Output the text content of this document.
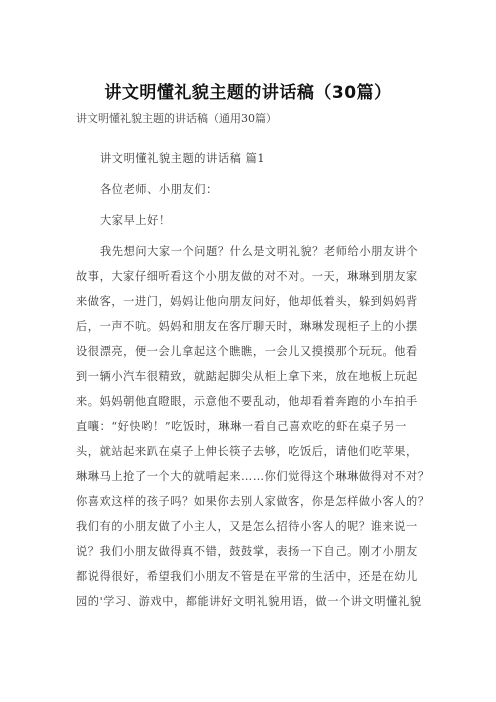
讲文明懂礼貌主题的讲话稿（30篇）
讲文明懂礼貌主题的讲话稿（通用30篇）
讲文明懂礼貌主题的讲话稿 篇1
各位老师、小朋友们：
大家早上好！
我先想问大家一个问题？什么是文明礼貌？老师给小朋友讲个
故事，大家仔细听看这个小朋友做的对不对。一天，琳琳到朋友家
来做客，一进门，妈妈让他向朋友问好，他却低着头，躲到妈妈背
后，一声不吭。妈妈和朋友在客厅聊天时，琳琳发现柜子上的小摆
设很漂亮，便一会儿拿起这个瞧瞧，一会儿又摸摸那个玩玩。他看
到一辆小汽车很精致，就踮起脚尖从柜上拿下来，放在地板上玩起
来。妈妈朝他直瞪眼，示意他不要乱动，他却看着奔跑的小车拍手
直嚷：“好快哟！”吃饭时，琳琳一看自己喜欢吃的虾在桌子另一
头，就站起来趴在桌子上伸长筷子去够，吃饭后，请他们吃苹果，
琳琳马上抢了一个大的就啃起来……你们觉得这个琳琳做得对不对？
你喜欢这样的孩子吗？如果你去别人家做客，你是怎样做小客人的？
我们有的小朋友做了小主人，又是怎么招待小客人的呢？谁来说一
说？我们小朋友做得真不错，鼓鼓掌，表扬一下自己。刚才小朋友
都说得很好，希望我们小朋友不管是在平常的生活中，还是在幼儿
园的'学习、游戏中，都能讲好文明礼貌用语，做一个讲文明懂礼貌
